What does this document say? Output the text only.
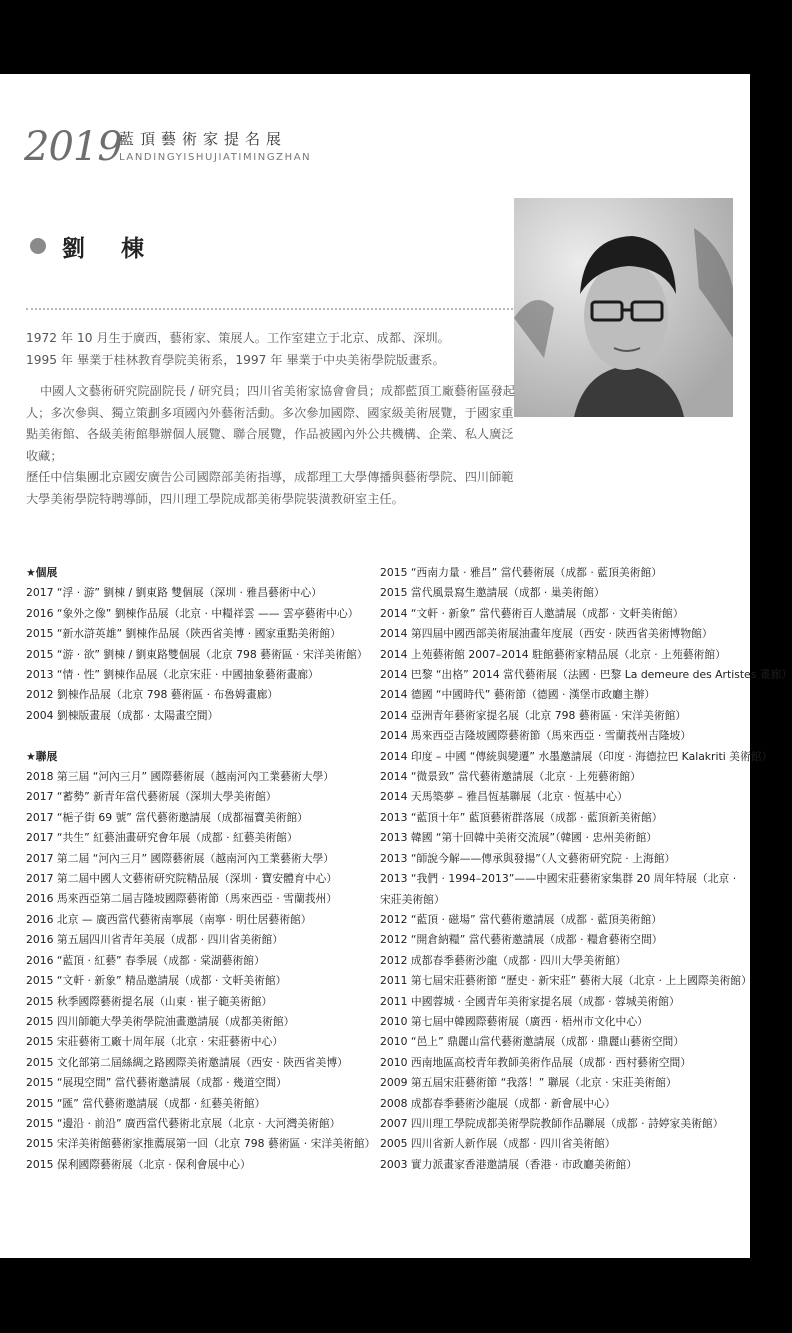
2019
藍頂藝術家提名展
LANDINGYISHUJIATIMINGZHAN
劉 棟

1972 年 10 月生于廣西，藝術家、策展人。工作室建立于北京、成都、深圳。

1995 年 畢業于桂林教育學院美術系，1997 年 畢業于中央美術學院版畫系。

中國人文藝術研究院副院長 / 研究員；四川省美術家協會會員；成都藍頂工廠藝術區發起人；多次參與、獨立策劃多項國內外藝術活動。多次參加國際、國家級美術展覽，于國家重點美術館、各級美術館舉辦個人展覽、聯合展覽，作品被國內外公共機構、企業、私人廣泛收藏；

歷任中信集團北京國安廣告公司國際部美術指導，成都理工大學傳播與藝術學院、四川師範大學美術學院特聘導師，四川理工學院成都美術學院裝潢教研室主任。

★個展
2017 “浮 · 游” 劉棟 / 劉東路 雙個展（深圳 · 雅昌藝術中心）
2016 “象外之像” 劉棟作品展（北京 · 中糧祥雲 —— 雲亭藝術中心）
2015 “新水滸英雄” 劉棟作品展（陝西省美博 · 國家重點美術館）
2015 “游 · 欲” 劉棟 / 劉東路雙個展（北京 798 藝術區 · 宋洋美術館）
2013 “情 · 性” 劉棟作品展（北京宋莊 · 中國抽象藝術畫廊）
2012 劉棟作品展（北京 798 藝術區 · 布魯姆畫廊）
2004 劉棟版畫展（成都 · 太陽畫空間）
★聯展
2018 第三屆 “河內三月” 國際藝術展（越南河內工業藝術大學）
2017 “蓄勢” 新青年當代藝術展（深圳大學美術館）
2017 “梔子街 69 號” 當代藝術邀請展（成都福寶美術館）
2017 “共生” 紅藝油畫研究會年展（成都 · 紅藝美術館）
2017 第二屆 “河內三月” 國際藝術展（越南河內工業藝術大學）
2017 第二屆中國人文藝術研究院精品展（深圳 · 寶安體育中心）
2016 馬來西亞第二屆吉隆坡國際藝術節（馬來西亞 · 雪蘭莪州）
2016 北京 — 廣西當代藝術南寧展（南寧 · 明仕居藝術館）
2016 第五屆四川省青年美展（成都 · 四川省美術館）
2016 “藍頂 · 紅藝” 春季展（成都 · 棠湖藝術館）
2015 “文軒 · 新象” 精品邀請展（成都 · 文軒美術館）
2015 秋季國際藝術提名展（山東 · 崔子範美術館）
2015 四川師範大學美術學院油畫邀請展（成都美術館）
2015 宋莊藝術工廠十周年展（北京 · 宋莊藝術中心）
2015 文化部第二屆絲綢之路國際美術邀請展（西安 · 陝西省美博）
2015 “展現空間” 當代藝術邀請展（成都 · 幾道空間）
2015 “匯” 當代藝術邀請展（成都 · 紅藝美術館）
2015 “邊沿 · 前沿” 廣西當代藝術北京展（北京 · 大河灣美術館）
2015 宋洋美術館藝術家推薦展第一回（北京 798 藝術區 · 宋洋美術館）
2015 保利國際藝術展（北京 · 保利會展中心）
2015 “西南力量 · 雅昌” 當代藝術展（成都 · 藍頂美術館）
2015 當代風景寫生邀請展（成都 · 巢美術館）
2014 “文軒 · 新象” 當代藝術百人邀請展（成都 · 文軒美術館）
2014 第四屆中國西部美術展油畫年度展（西安 · 陝西省美術博物館）
2014 上苑藝術館 2007–2014 駐館藝術家精品展（北京 · 上苑藝術館）
2014 巴黎 “出格” 2014 當代藝術展（法國 · 巴黎 La demeure des Artistes 畫廊）
2014 德國 “中國時代” 藝術節（德國 · 漢堡市政廳主辦）
2014 亞洲青年藝術家提名展（北京 798 藝術區 · 宋洋美術館）
2014 馬來西亞吉隆坡國際藝術節（馬來西亞 · 雪蘭莪州吉隆坡）
2014 印度 – 中國 “傳統與變遷” 水墨邀請展（印度 · 海德拉巴 Kalakriti 美術館）
2014 “微景致” 當代藝術邀請展（北京 · 上苑藝術館）
2014 天馬築夢 – 雅昌恆基聯展（北京 · 恆基中心）
2013 “藍頂十年” 藍頂藝術群落展（成都 · 藍頂新美術館）
2013 韓國 “第十回韓中美術交流展”（韓國 · 忠州美術館）
2013 “師說今解——傳承與發揚”（人文藝術研究院 · 上海館）
2013 “我們 · 1994–2013”——中國宋莊藝術家集群 20 周年特展（北京 · 宋莊美術館）
2012 “藍頂 · 磁場” 當代藝術邀請展（成都 · 藍頂美術館）
2012 “開倉納糧” 當代藝術邀請展（成都 · 糧倉藝術空間）
2012 成都春季藝術沙龍（成都 · 四川大學美術館）
2011 第七屆宋莊藝術節 “歷史 · 新宋莊” 藝術大展（北京 · 上上國際美術館）
2011 中國蓉城 · 全國青年美術家提名展（成都 · 蓉城美術館）
2010 第七屆中韓國際藝術展（廣西 · 梧州市文化中心）
2010 “邑上” 鼎麗山當代藝術邀請展（成都 · 鼎麗山藝術空間）
2010 西南地區高校青年教師美術作品展（成都 · 西村藝術空間）
2009 第五屆宋莊藝術節 “我落！” 聯展（北京 · 宋莊美術館）
2008 成都春季藝術沙龍展（成都 · 新會展中心）
2007 四川理工學院成都美術學院教師作品聯展（成都 · 詩婷家美術館）
2005 四川省新人新作展（成都 · 四川省美術館）
2003 實力派畫家香港邀請展（香港 · 市政廳美術館）
